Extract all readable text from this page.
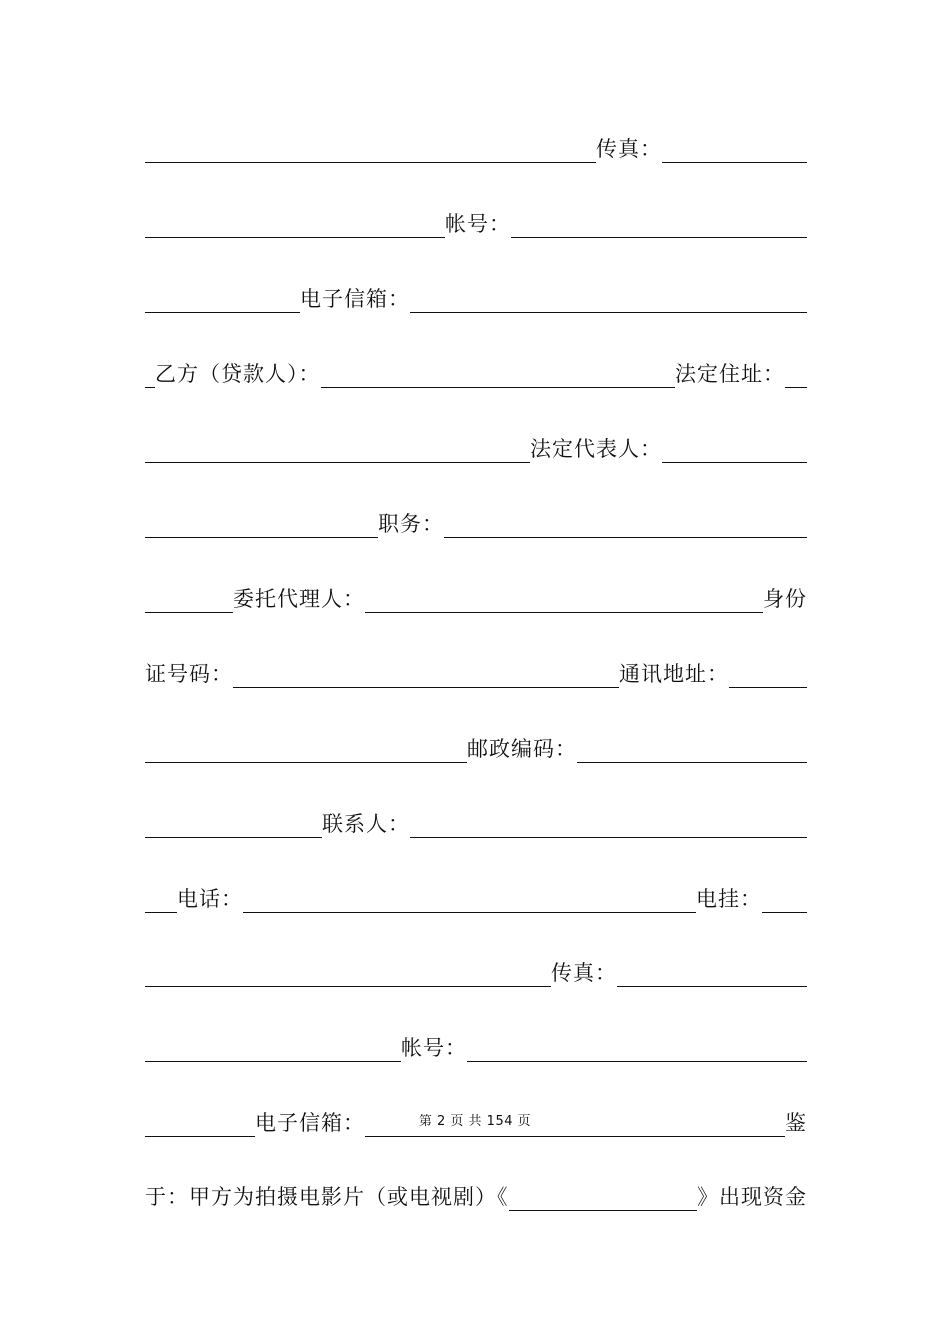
传真：
帐号：
电子信箱：
乙方（贷款人）：	法定住址：
法定代表人：
职务：
委托代理人：	身份
证号码：	通讯地址：
邮政编码：
联系人：
电话：	电挂：
传真：
帐号：
电子信箱：	鉴
于：甲方为拍摄电影片（或电视剧）《	》出现资金
第 2 页 共 154 页
